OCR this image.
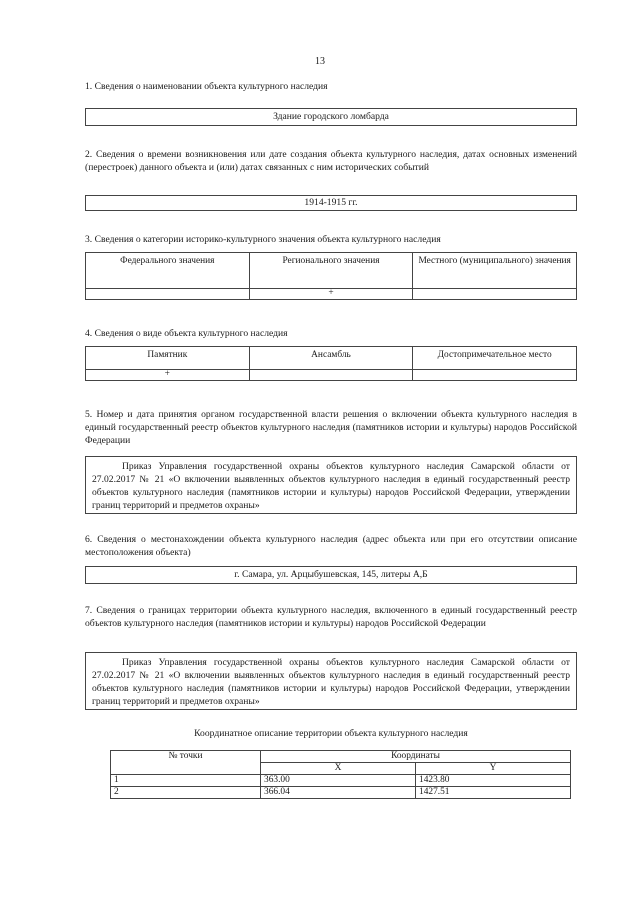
13
1. Сведения о наименовании объекта культурного наследия
Здание городского ломбарда
2. Сведения о времени возникновения или дате создания объекта культурного наследия, датах основных изменений (перестроек) данного объекта и (или) датах связанных с ним исторических событий
1914-1915 гг.
3. Сведения о категории историко-культурного значения объекта культурного наследия
Федерального значения	Регионального значения	Местного (муниципального) значения
	+	
4. Сведения о виде объекта культурного наследия
Памятник	Ансамбль	Достопримечательное место
+		
5. Номер и дата принятия органом государственной власти решения о включении объекта культурного наследия в единый государственный реестр объектов культурного наследия (памятников истории и культуры) народов Российской Федерации
Приказ Управления государственной охраны объектов культурного наследия Самарской области от 27.02.2017 № 21 «О включении выявленных объектов культурного наследия в единый государственный реестр объектов культурного наследия (памятников истории и культуры) народов Российской Федерации, утверждении границ территорий и предметов охраны»
6. Сведения о местонахождении объекта культурного наследия (адрес объекта или при его отсутствии описание местоположения объекта)
г. Самара, ул. Арцыбушевская, 145, литеры А,Б
7. Сведения о границах территории объекта культурного наследия, включенного в единый государственный реестр объектов культурного наследия (памятников истории и культуры) народов Российской Федерации
Приказ Управления государственной охраны объектов культурного наследия Самарской области от 27.02.2017 № 21 «О включении выявленных объектов культурного наследия в единый государственный реестр объектов культурного наследия (памятников истории и культуры) народов Российской Федерации, утверждении границ территорий и предметов охраны»
Координатное описание территории объекта культурного наследия
№ точки	Координаты	
	X	Y
1	363.00	1423.80
2	366.04	1427.51
